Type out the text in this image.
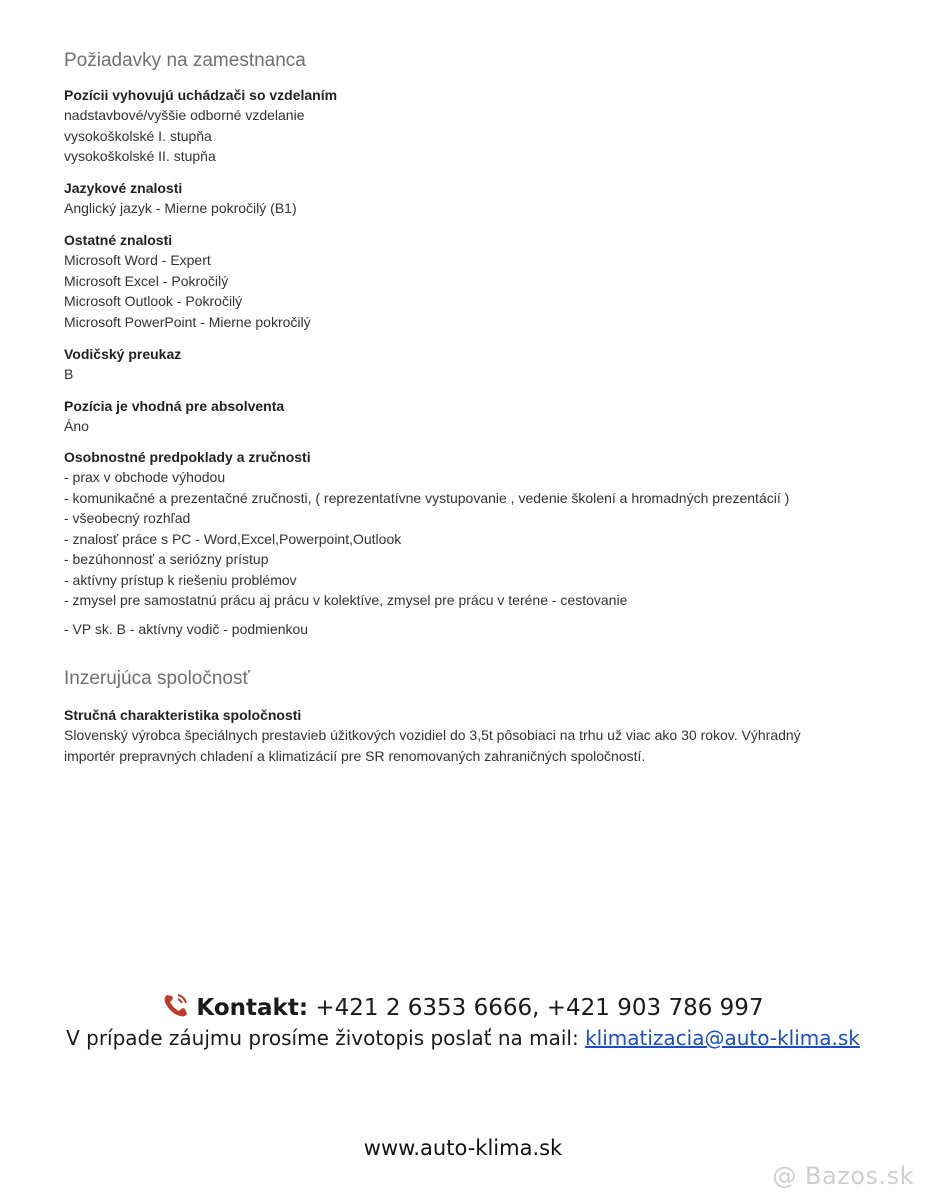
Požiadavky na zamestnanca
Pozícii vyhovujú uchádzači so vzdelaním
nadstavbové/vyššie odborné vzdelanie
vysokoškolské I. stupňa
vysokoškolské II. stupňa
Jazykové znalosti
Anglický jazyk - Mierne pokročilý (B1)
Ostatné znalosti
Microsoft Word - Expert
Microsoft Excel - Pokročilý
Microsoft Outlook - Pokročilý
Microsoft PowerPoint - Mierne pokročilý
Vodičský preukaz
B
Pozícia je vhodná pre absolventa
Áno
Osobnostné predpoklady a zručnosti
- prax v obchode výhodou
- komunikačné a prezentačné zručnosti, ( reprezentatívne vystupovanie , vedenie školení a hromadných prezentácií )
- všeobecný rozhľad
- znalosť práce s PC - Word,Excel,Powerpoint,Outlook
- bezúhonnosť a seriózny prístup
- aktívny prístup k riešeniu problémov
- zmysel pre samostatnú prácu aj prácu v kolektíve, zmysel pre prácu v teréne - cestovanie
- VP sk. B - aktívny vodič - podmienkou
Inzerujúca spoločnosť
Stručná charakteristika spoločnosti
Slovenský výrobca špeciálnych prestavieb úžitkových vozidiel do 3,5t pôsobiaci na trhu už viac ako 30 rokov. Výhradný
importér prepravných chladení a klimatizácií pre SR renomovaných zahraničných spoločností.
Kontakt: +421 2 6353 6666, +421 903 786 997
V prípade záujmu prosíme životopis poslať na mail: klimatizacia@auto-klima.sk
www.auto-klima.sk
@ Bazos.sk
